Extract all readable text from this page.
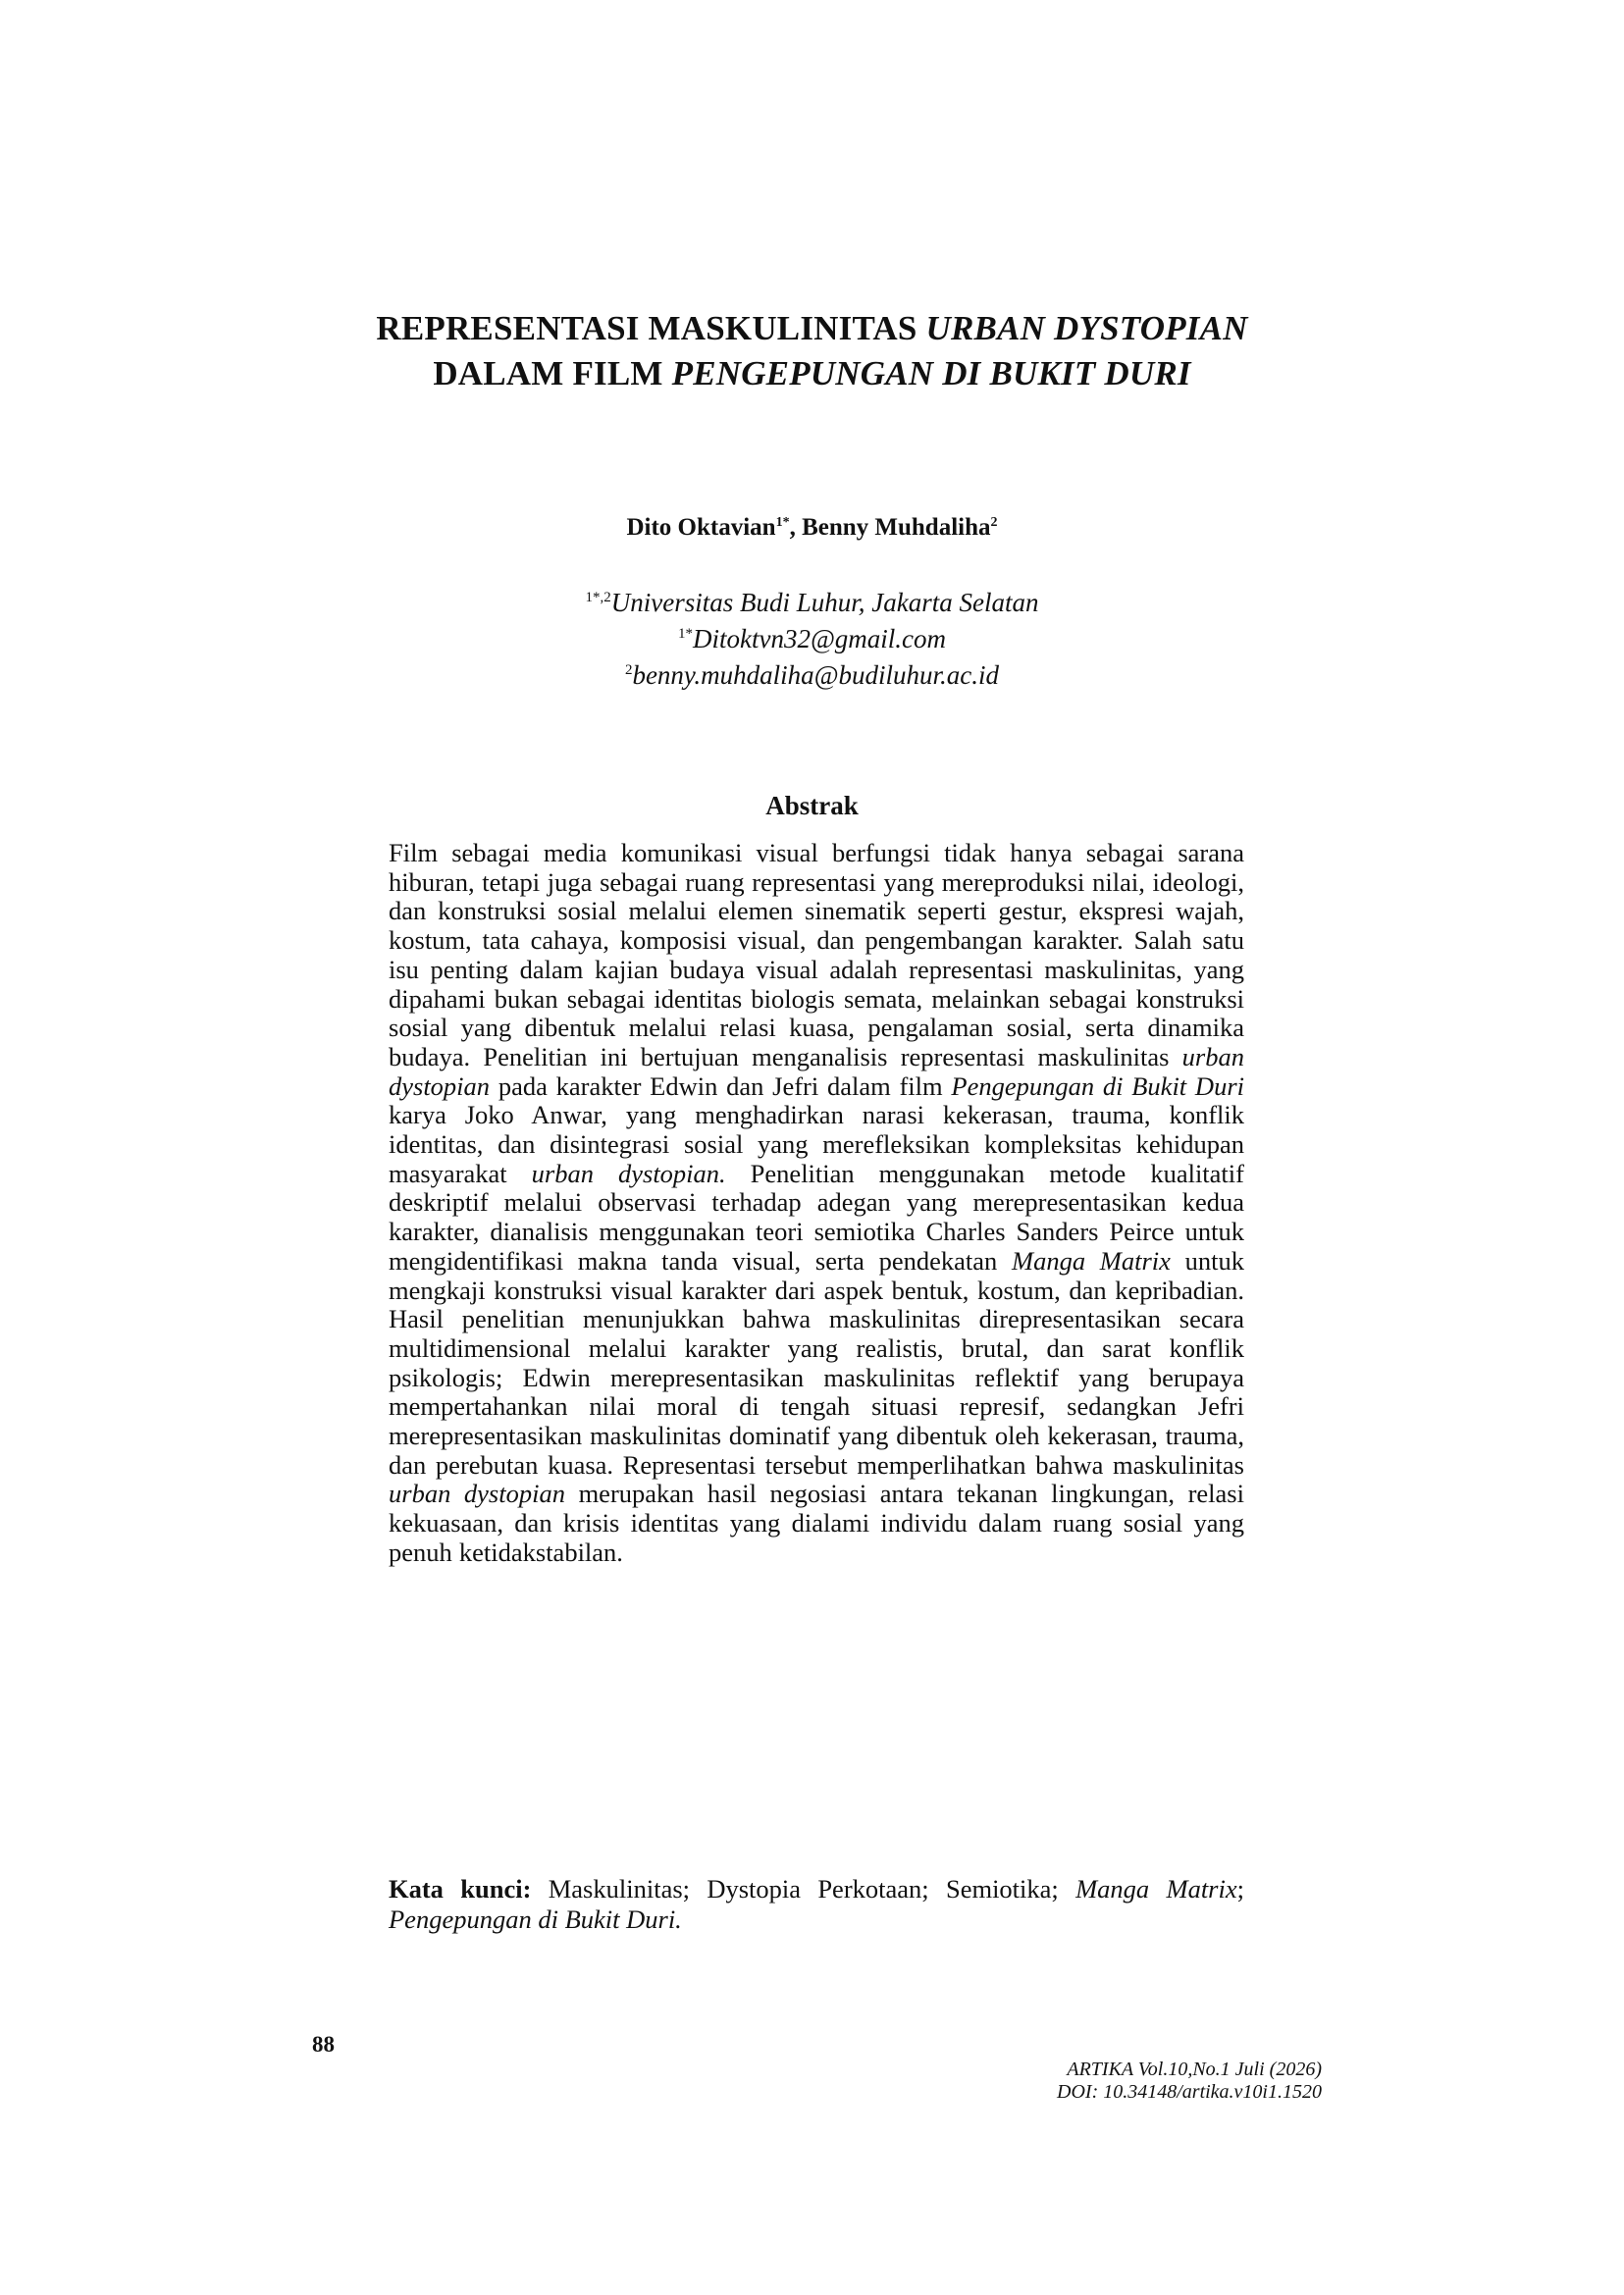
REPRESENTASI MASKULINITAS URBAN DYSTOPIAN
DALAM FILM PENGEPUNGAN DI BUKIT DURI
Dito Oktavian$^{1*}$, Benny Muhdaliha$^2$
$^{1*,2}$Universitas Budi Luhur, Jakarta Selatan
$^{1*}$Ditoktvn32@gmail.com
$^2$benny.muhdaliha@budiluhur.ac.id
Abstrak

Film sebagai media komunikasi visual berfungsi tidak hanya sebagai sarana hiburan, tetapi juga sebagai ruang representasi yang mereproduksi nilai, ideologi, dan konstruksi sosial melalui elemen sinematik seperti gestur, ekspresi wajah, kostum, tata cahaya, komposisi visual, dan pengembangan karakter. Salah satu isu penting dalam kajian budaya visual adalah representasi maskulinitas, yang dipahami bukan sebagai identitas biologis semata, melainkan sebagai konstruksi sosial yang dibentuk melalui relasi kuasa, pengalaman sosial, serta dinamika budaya. Penelitian ini bertujuan menganalisis representasi maskulinitas urban dystopian pada karakter Edwin dan Jefri dalam film Pengepungan di Bukit Duri karya Joko Anwar, yang menghadirkan narasi kekerasan, trauma, konflik identitas, dan disintegrasi sosial yang merefleksikan kompleksitas kehidupan masyarakat urban dystopian. Penelitian menggunakan metode kualitatif deskriptif melalui observasi terhadap adegan yang merepresentasikan kedua karakter, dianalisis menggunakan teori semiotika Charles Sanders Peirce untuk mengidentifikasi makna tanda visual, serta pendekatan Manga Matrix untuk mengkaji konstruksi visual karakter dari aspek bentuk, kostum, dan kepribadian. Hasil penelitian menunjukkan bahwa maskulinitas direpresentasikan secara multidimensional melalui karakter yang realistis, brutal, dan sarat konflik psikologis; Edwin merepresentasikan maskulinitas reflektif yang berupaya mempertahankan nilai moral di tengah situasi represif, sedangkan Jefri merepresentasikan maskulinitas dominatif yang dibentuk oleh kekerasan, trauma, dan perebutan kuasa. Representasi tersebut memperlihatkan bahwa maskulinitas urban dystopian merupakan hasil negosiasi antara tekanan lingkungan, relasi kekuasaan, dan krisis identitas yang dialami individu dalam ruang sosial yang penuh ketidakstabilan.

Kata kunci: Maskulinitas; Dystopia Perkotaan; Semiotika; Manga Matrix; Pengepungan di Bukit Duri.

88
ARTIKA Vol.10,No.1 Juli (2026)
DOI: 10.34148/artika.v10i1.1520
